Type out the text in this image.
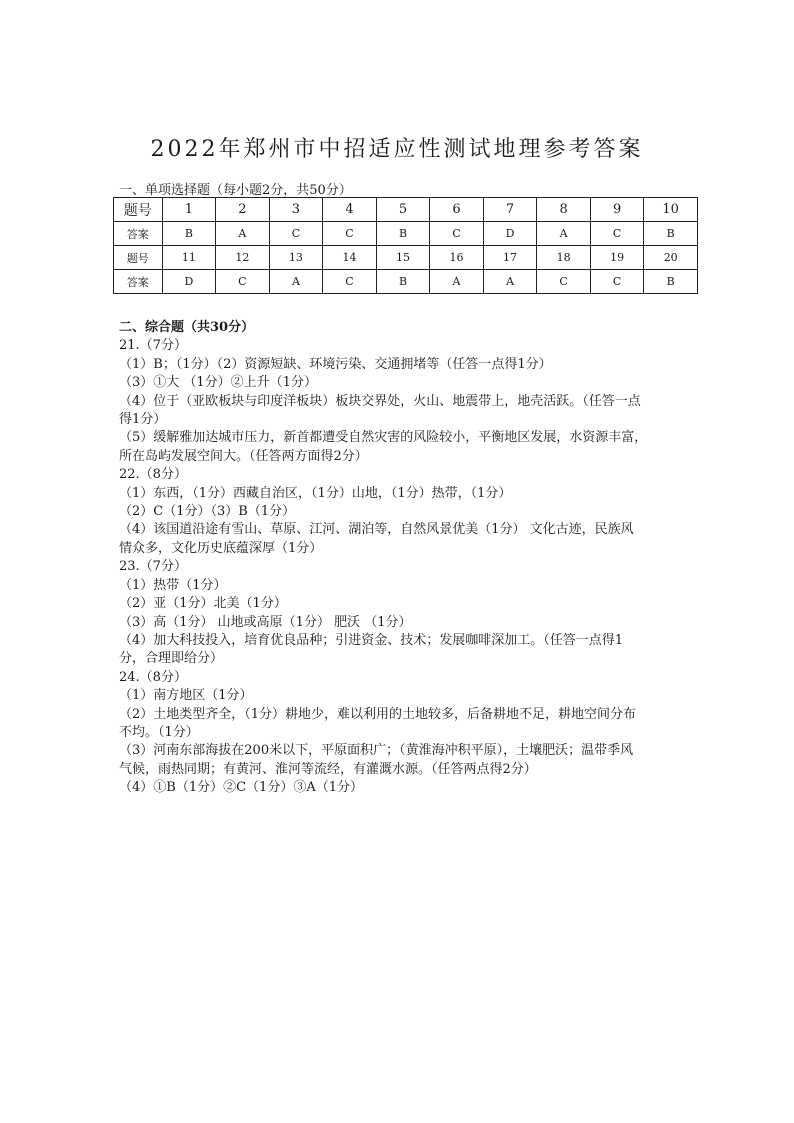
2022年郑州市中招适应性测试地理参考答案
一、单项选择题（每小题2分，共50分）
题号	1	2	3	4	5	6	7	8	9	10
答案	B	A	C	C	B	C	D	A	C	B
题号	11	12	13	14	15	16	17	18	19	20
答案	D	C	A	C	B	A	A	C	C	B
二、综合题（共30分）
21.（7分）
（1）B；（1分）（2）资源短缺、环境污染、交通拥堵等（任答一点得1分）
（3）①大 （1分）②上升（1分）
（4）位于（亚欧板块与印度洋板块）板块交界处，火山、地震带上，地壳活跃。（任答一点
得1分）
（5）缓解雅加达城市压力，新首都遭受自然灾害的风险较小，平衡地区发展，水资源丰富，
所在岛屿发展空间大。（任答两方面得2分）
22.（8分）
（1）东西，（1分）西藏自治区，（1分）山地，（1分）热带，（1分）
（2）C（1分）（3）B（1分）
（4）该国道沿途有雪山、草原、江河、湖泊等，自然风景优美（1分） 文化古迹，民族风
情众多，文化历史底蕴深厚（1分）
23.（7分）
（1）热带（1分）
（2）亚（1分）北美（1分）
（3）高（1分） 山地或高原（1分） 肥沃 （1分）
（4）加大科技投入，培育优良品种；引进资金、技术；发展咖啡深加工。（任答一点得1
分，合理即给分）
24.（8分）
（1）南方地区（1分）
（2）土地类型齐全，（1分）耕地少，难以利用的土地较多，后备耕地不足，耕地空间分布
不均。（1分）
（3）河南东部海拔在200米以下，平原面积广；（黄淮海冲积平原），土壤肥沃；温带季风
气候，雨热同期；有黄河、淮河等流经，有灌溉水源。（任答两点得2分）
（4）①B（1分）②C（1分）③A（1分）
